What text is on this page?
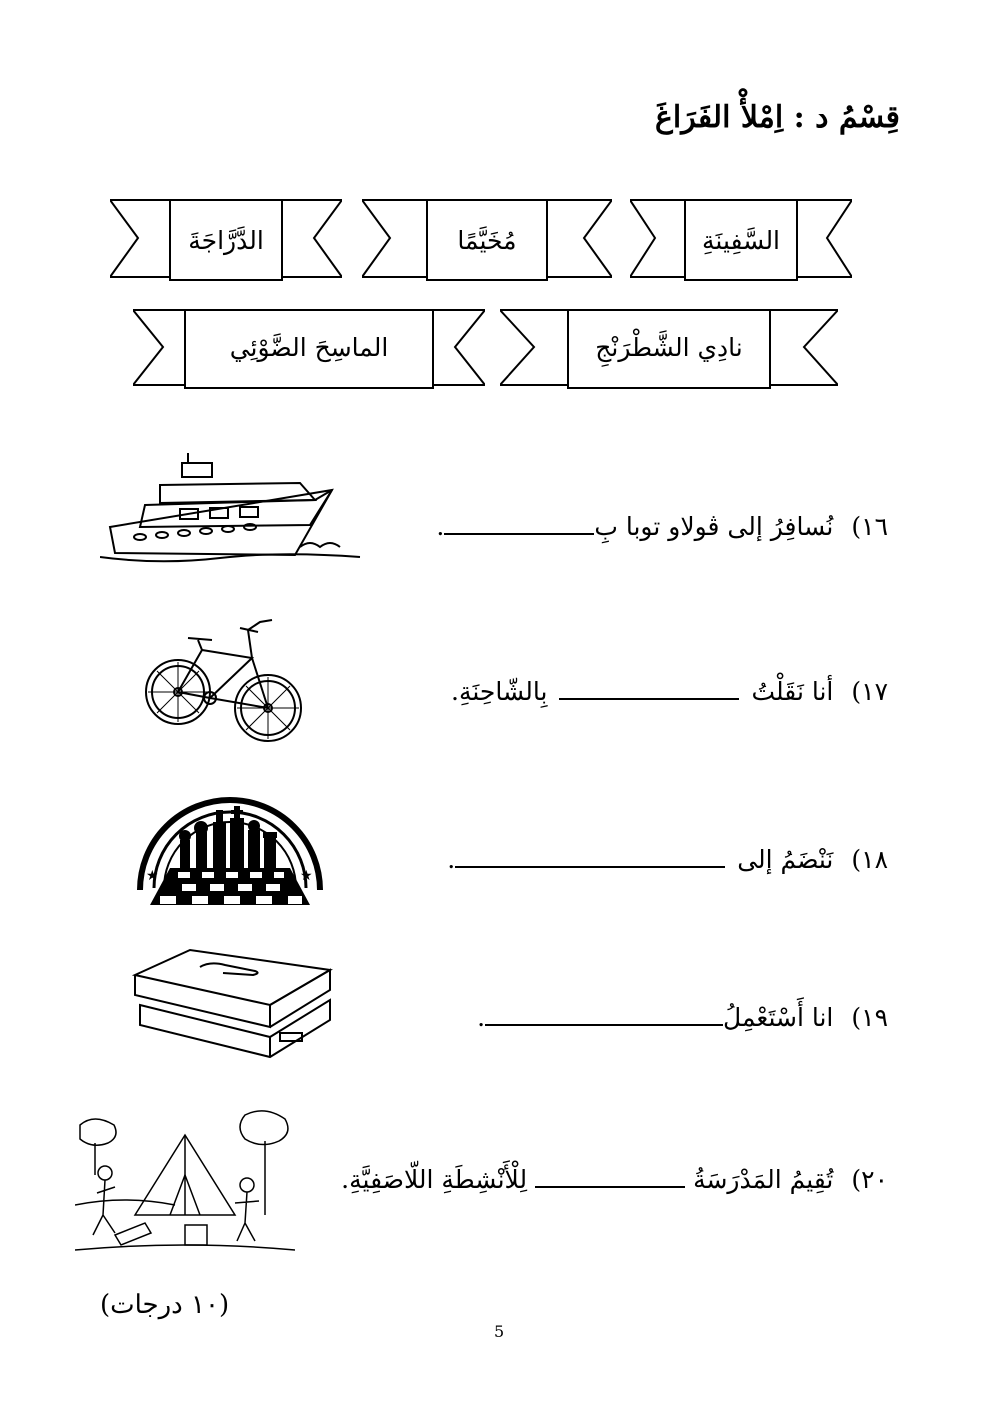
قِسْمُ د : اِمْلأْ الفَرَاغَ
السَّفِينَةِ
مُخَيَّمًا
الدَّرَّاجَةَ
نادِي الشَّطْرَنْجِ
الماسِحَ الضَّوْئِي
١٦)نُسافِرُ إلى ڤولاو توبا بِ.
١٧)أنا نَقَلْتُبِالشّاحِنَةِ.
١٨)نَنْضَمُ إلى.
★	★
١٩)انا أَسْتَعْمِلُ.
٢٠)تُقِيمُ المَدْرَسَةُلِلْأَنْشِطَةِ اللّاصَفِيَّةِ.
(١٠ درجات)
5
